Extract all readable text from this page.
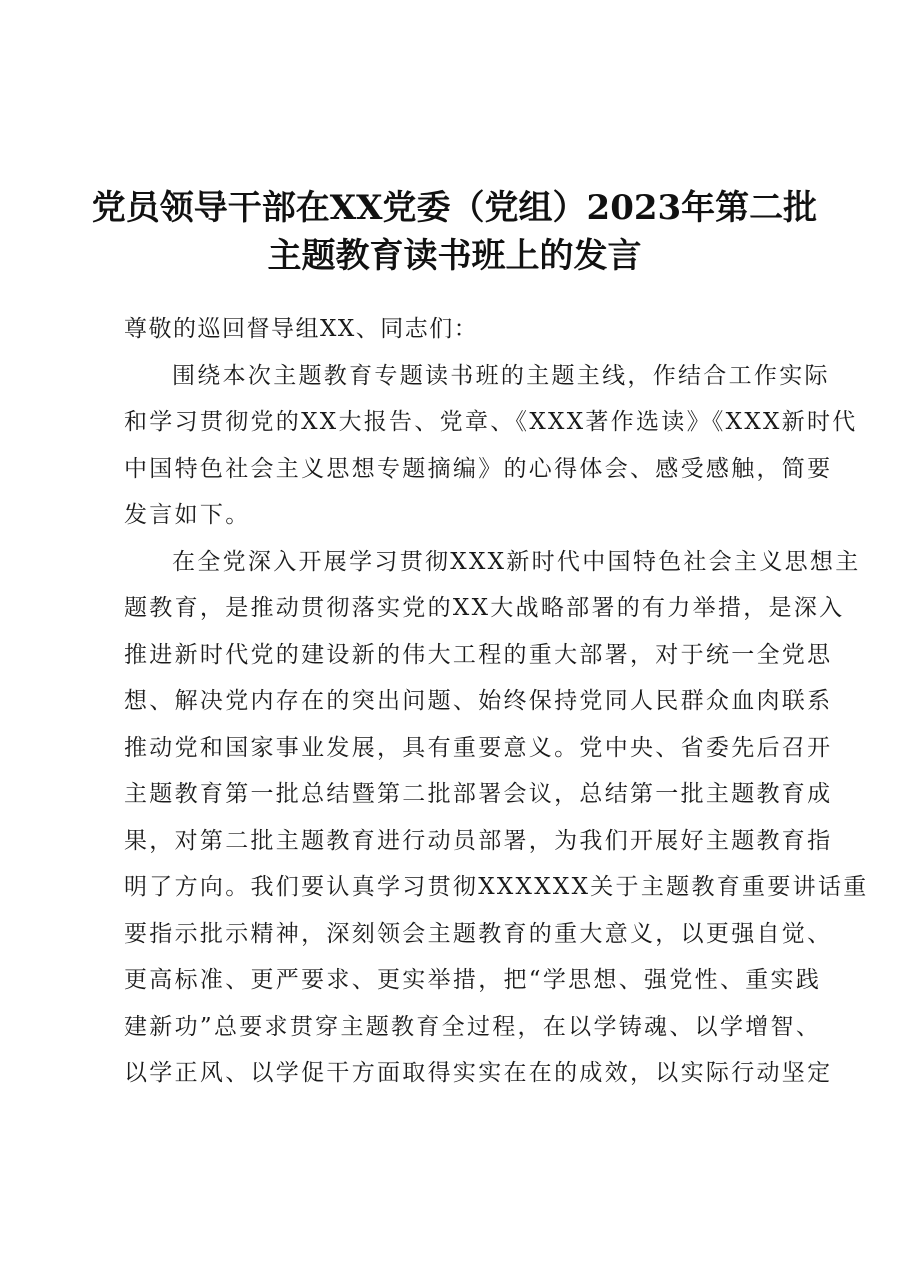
党员领导干部在XX党委（党组）2023年第二批
主题教育读书班上的发言
尊敬的巡回督导组XX、同志们：
围绕本次主题教育专题读书班的主题主线，作结合工作实际
和学习贯彻党的XX大报告、党章、《XXX著作选读》《XXX新时代
中国特色社会主义思想专题摘编》的心得体会、感受感触，简要
发言如下。
在全党深入开展学习贯彻XXX新时代中国特色社会主义思想主
题教育，是推动贯彻落实党的XX大战略部署的有力举措，是深入
推进新时代党的建设新的伟大工程的重大部署，对于统一全党思
想、解决党内存在的突出问题、始终保持党同人民群众血肉联系
推动党和国家事业发展，具有重要意义。党中央、省委先后召开
主题教育第一批总结暨第二批部署会议，总结第一批主题教育成
果，对第二批主题教育进行动员部署，为我们开展好主题教育指
明了方向。我们要认真学习贯彻XXXXXX关于主题教育重要讲话重
要指示批示精神，深刻领会主题教育的重大意义，以更强自觉、
更高标准、更严要求、更实举措，把“学思想、强党性、重实践
建新功”总要求贯穿主题教育全过程，在以学铸魂、以学增智、
以学正风、以学促干方面取得实实在在的成效，以实际行动坚定
